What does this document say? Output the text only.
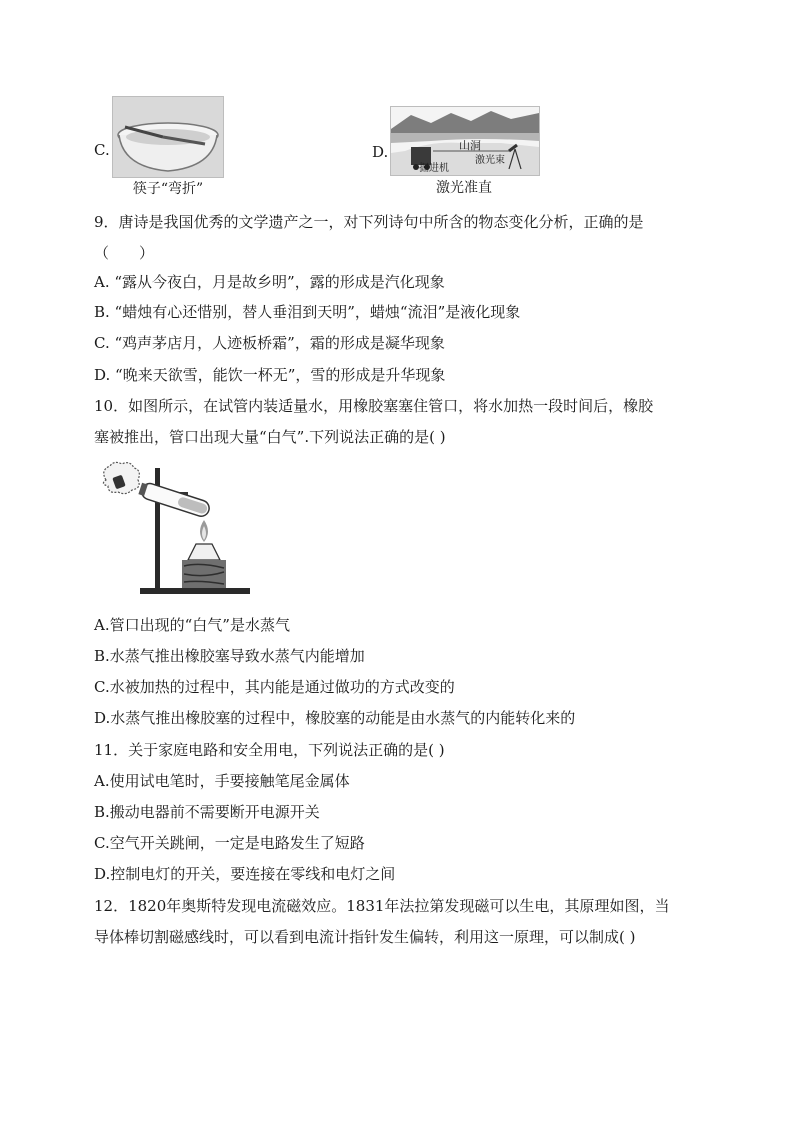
C.
筷子“弯折”
D.	山洞
掘进机
激光束
激光准直
9．唐诗是我国优秀的文学遗产之一，对下列诗句中所含的物态变化分析，正确的是
（　　）
A. “露从今夜白，月是故乡明”，露的形成是汽化现象
B. “蜡烛有心还惜别，替人垂泪到天明”，蜡烛“流泪”是液化现象
C. “鸡声茅店月，人迹板桥霜”，霜的形成是凝华现象
D. “晚来天欲雪，能饮一杯无”，雪的形成是升华现象
10．如图所示，在试管内装适量水，用橡胶塞塞住管口，将水加热一段时间后，橡胶
塞被推出，管口出现大量“白气”.下列说法正确的是( )
A.管口出现的“白气”是水蒸气
B.水蒸气推出橡胶塞导致水蒸气内能增加
C.水被加热的过程中，其内能是通过做功的方式改变的
D.水蒸气推出橡胶塞的过程中，橡胶塞的动能是由水蒸气的内能转化来的
11．关于家庭电路和安全用电，下列说法正确的是( )
A.使用试电笔时，手要接触笔尾金属体
B.搬动电器前不需要断开电源开关
C.空气开关跳闸，一定是电路发生了短路
D.控制电灯的开关，要连接在零线和电灯之间
12．1820年奥斯特发现电流磁效应。1831年法拉第发现磁可以生电，其原理如图，当
导体棒切割磁感线时，可以看到电流计指针发生偏转，利用这一原理，可以制成( )
